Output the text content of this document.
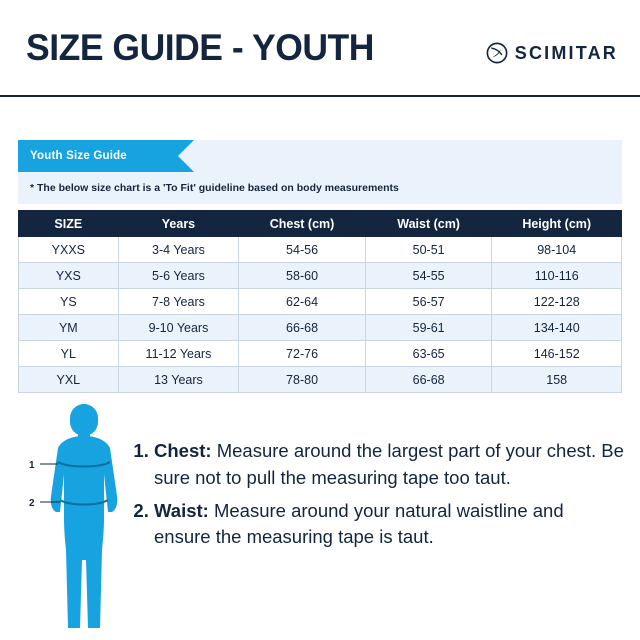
SIZE GUIDE - YOUTH	SCIMITAR
Youth Size Guide
* The below size chart is a 'To Fit' guideline based on body measurements
SIZE	Years	Chest (cm)	Waist (cm)	Height (cm)
YXXS	3-4 Years	54-56	50-51	98-104
YXS	5-6 Years	58-60	54-55	110-116
YS	7-8 Years	62-64	56-57	122-128
YM	9-10 Years	66-68	59-61	134-140
YL	11-12 Years	72-76	63-65	146-152
YXL	13 Years	78-80	66-68	158
1
2
1. Chest: Measure around the largest part of your chest. Be sure not to pull the measuring tape too taut.
2. Waist: Measure around your natural waistline and ensure the measuring tape is taut.
